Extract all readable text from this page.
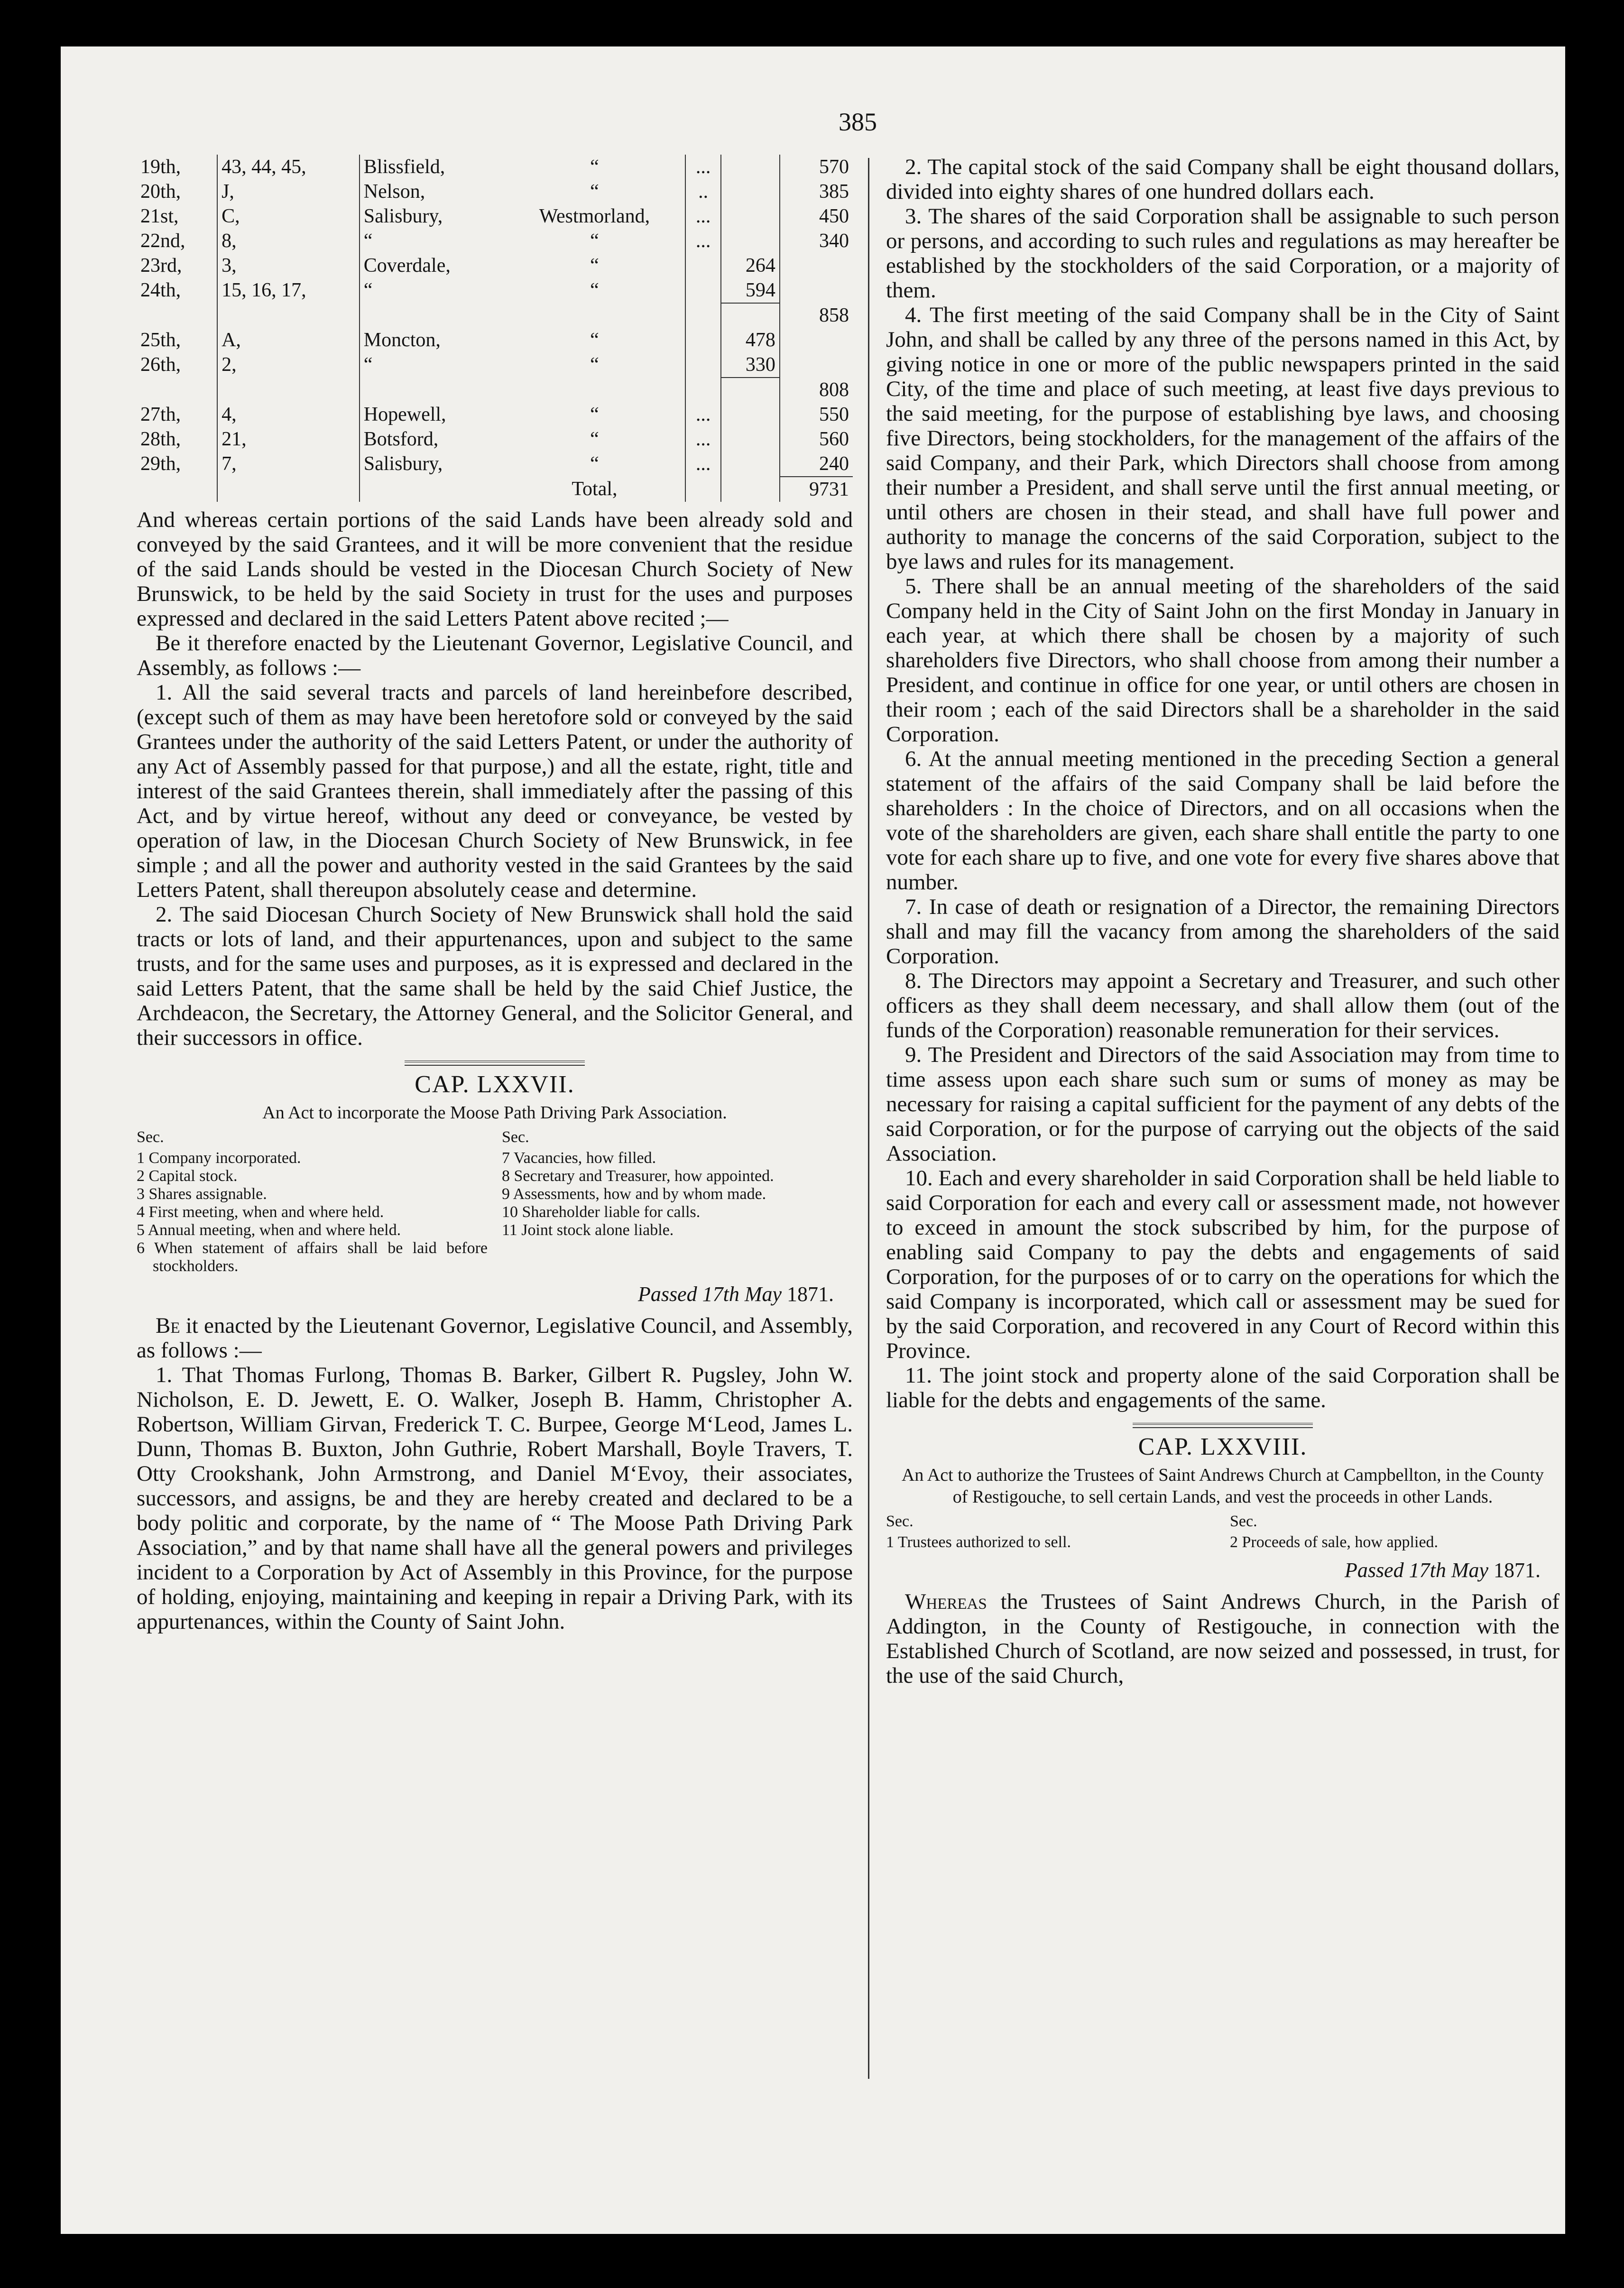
385
19th,	43, 44, 45,	Blissfield,	“	...		570
20th,	J,	Nelson,	“	..		385
21st,	C,	Salisbury,	Westmorland,	...		450
22nd,	8,	“	“	...		340
23rd,	3,	Coverdale,	“		264	
24th,	15, 16, 17,	“	“		594	
						858
25th,	A,	Moncton,	“		478	
26th,	2,	“	“		330	
						808
27th,	4,	Hopewell,	“	...		550
28th,	21,	Botsford,	“	...		560
29th,	7,	Salisbury,	“	...		240
			Total,			9731

And whereas certain portions of the said Lands have been already sold and conveyed by the said Grantees, and it will be more convenient that the residue of the said Lands should be vested in the Diocesan Church Society of New Brunswick, to be held by the said Society in trust for the uses and purposes expressed and declared in the said Letters Patent above recited ;—

Be it therefore enacted by the Lieutenant Governor, Legislative Council, and Assembly, as follows :—

1. All the said several tracts and parcels of land hereinbefore described, (except such of them as may have been heretofore sold or conveyed by the said Grantees under the authority of the said Letters Patent, or under the authority of any Act of Assembly passed for that purpose,) and all the estate, right, title and interest of the said Grantees therein, shall immediately after the passing of this Act, and by virtue hereof, without any deed or conveyance, be vested by operation of law, in the Diocesan Church Society of New Brunswick, in fee simple ; and all the power and authority vested in the said Grantees by the said Letters Patent, shall thereupon absolutely cease and determine.

2. The said Diocesan Church Society of New Brunswick shall hold the said tracts or lots of land, and their appurtenances, upon and subject to the same trusts, and for the same uses and purposes, as it is expressed and declared in the said Letters Patent, that the same shall be held by the said Chief Justice, the Archdeacon, the Secretary, the Attorney General, and the Solicitor General, and their successors in office.

CAP. LXXVII.
An Act to incorporate the Moose Path Driving Park Association.
Sec.
1 Company incorporated.
2 Capital stock.
3 Shares assignable.
4 First meeting, when and where held.
5 Annual meeting, when and where held.
6 When statement of affairs shall be laid before stockholders.
Sec.
7 Vacancies, how filled.
8 Secretary and Treasurer, how appointed.
9 Assessments, how and by whom made.
10 Shareholder liable for calls.
11 Joint stock alone liable.
Passed 17th May 1871.

Be it enacted by the Lieutenant Governor, Legislative Council, and Assembly, as follows :—

1. That Thomas Furlong, Thomas B. Barker, Gilbert R. Pugsley, John W. Nicholson, E. D. Jewett, E. O. Walker, Joseph B. Hamm, Christopher A. Robertson, William Girvan, Frederick T. C. Burpee, George M‘Leod, James L. Dunn, Thomas B. Buxton, John Guthrie, Robert Marshall, Boyle Travers, T. Otty Crookshank, John Armstrong, and Daniel M‘Evoy, their associates, successors, and assigns, be and they are hereby created and declared to be a body politic and corporate, by the name of “ The Moose Path Driving Park Association,” and by that name shall have all the general powers and privileges incident to a Corporation by Act of Assembly in this Province, for the purpose of holding, enjoying, maintaining and keeping in repair a Driving Park, with its appurtenances, within the County of Saint John.

2. The capital stock of the said Company shall be eight thousand dollars, divided into eighty shares of one hundred dollars each.

3. The shares of the said Corporation shall be assignable to such person or persons, and according to such rules and regulations as may hereafter be established by the stockholders of the said Corporation, or a majority of them.

4. The first meeting of the said Company shall be in the City of Saint John, and shall be called by any three of the persons named in this Act, by giving notice in one or more of the public newspapers printed in the said City, of the time and place of such meeting, at least five days previous to the said meeting, for the purpose of establishing bye laws, and choosing five Directors, being stockholders, for the management of the affairs of the said Company, and their Park, which Directors shall choose from among their number a President, and shall serve until the first annual meeting, or until others are chosen in their stead, and shall have full power and authority to manage the concerns of the said Corporation, subject to the bye laws and rules for its management.

5. There shall be an annual meeting of the shareholders of the said Company held in the City of Saint John on the first Monday in January in each year, at which there shall be chosen by a majority of such shareholders five Directors, who shall choose from among their number a President, and continue in office for one year, or until others are chosen in their room ; each of the said Directors shall be a shareholder in the said Corporation.

6. At the annual meeting mentioned in the preceding Section a general statement of the affairs of the said Company shall be laid before the shareholders : In the choice of Directors, and on all occasions when the vote of the shareholders are given, each share shall entitle the party to one vote for each share up to five, and one vote for every five shares above that number.

7. In case of death or resignation of a Director, the remaining Directors shall and may fill the vacancy from among the shareholders of the said Corporation.

8. The Directors may appoint a Secretary and Treasurer, and such other officers as they shall deem necessary, and shall allow them (out of the funds of the Corporation) reasonable remuneration for their services.

9. The President and Directors of the said Association may from time to time assess upon each share such sum or sums of money as may be necessary for raising a capital sufficient for the payment of any debts of the said Corporation, or for the purpose of carrying out the objects of the said Association.

10. Each and every shareholder in said Corporation shall be held liable to said Corporation for each and every call or assessment made, not however to exceed in amount the stock subscribed by him, for the purpose of enabling said Company to pay the debts and engagements of said Corporation, for the purposes of or to carry on the operations for which the said Company is incorporated, which call or assessment may be sued for by the said Corporation, and recovered in any Court of Record within this Province.

11. The joint stock and property alone of the said Corporation shall be liable for the debts and engagements of the same.

CAP. LXXVIII.
An Act to authorize the Trustees of Saint Andrews Church at Campbellton, in the County of Restigouche, to sell certain Lands, and vest the proceeds in other Lands.
Sec.
1 Trustees authorized to sell.
Sec.
2 Proceeds of sale, how applied.
Passed 17th May 1871.

Whereas the Trustees of Saint Andrews Church, in the Parish of Addington, in the County of Restigouche, in connection with the Established Church of Scotland, are now seized and possessed, in trust, for the use of the said Church,
